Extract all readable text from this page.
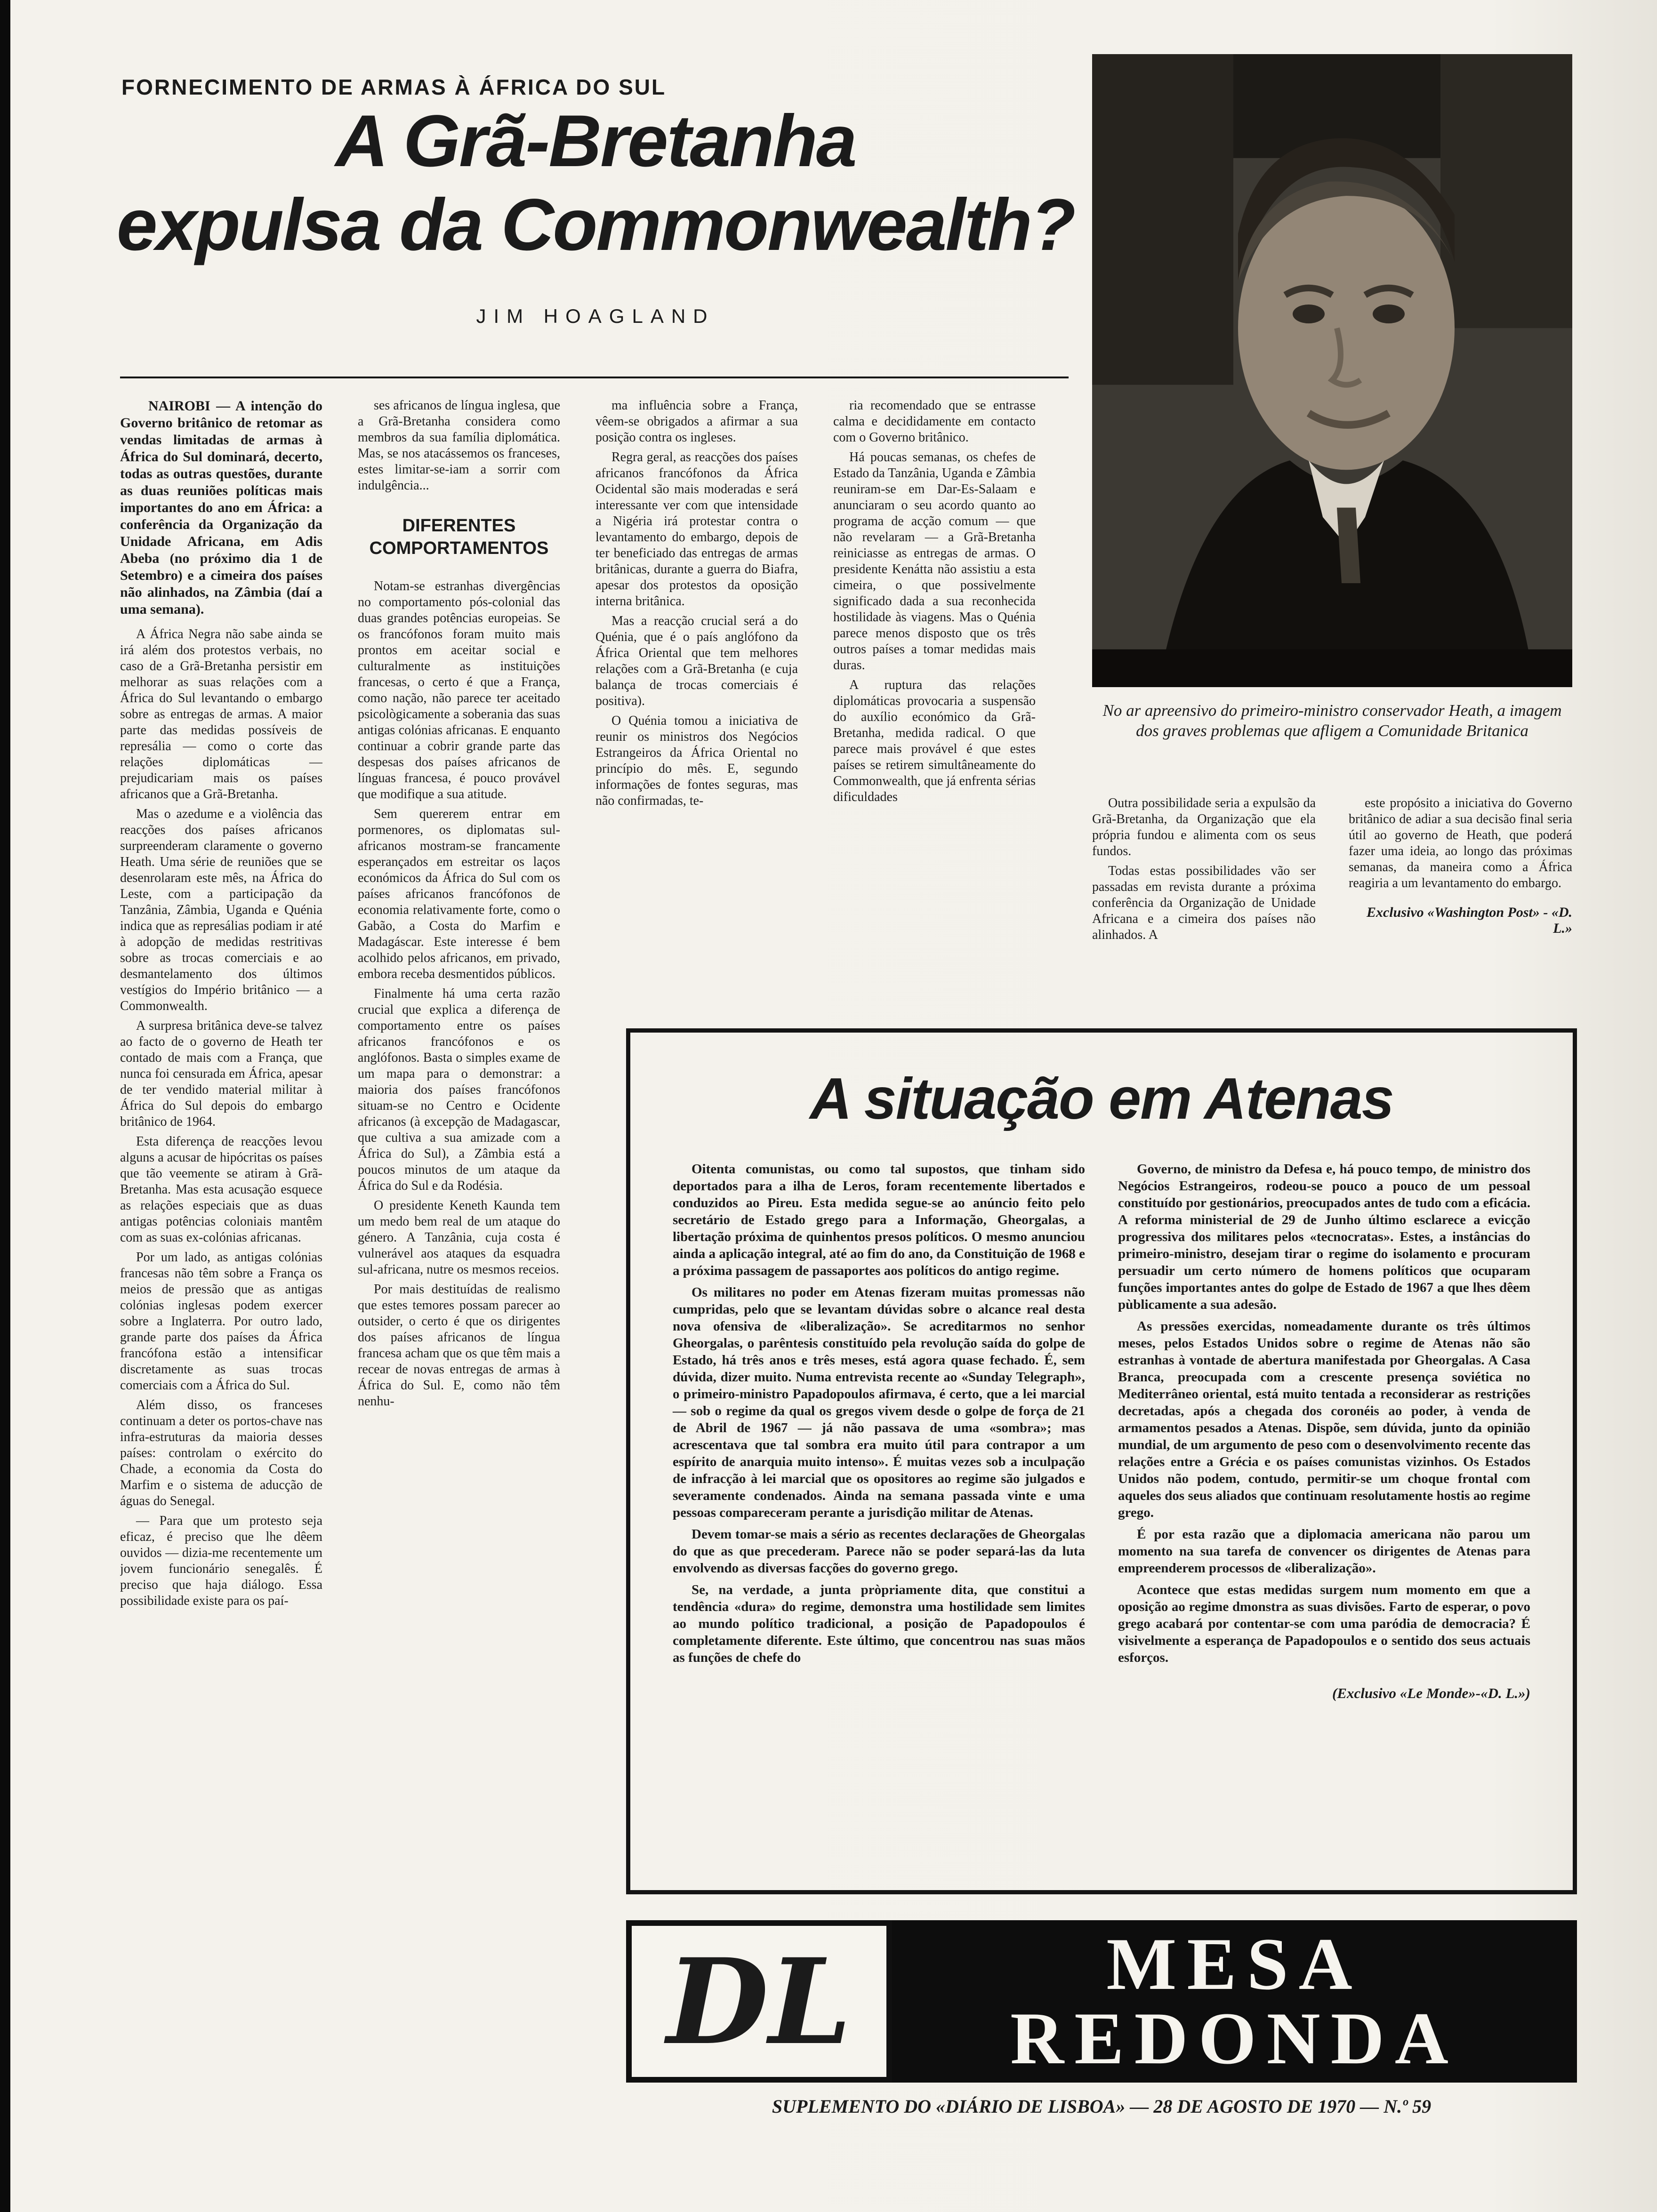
FORNECIMENTO DE ARMAS À ÁFRICA DO SUL
A Grã-Bretanha
expulsa da Commonwealth?
JIM HOAGLAND
No ar apreensivo do primeiro-ministro conservador Heath, a imagem dos graves problemas que afligem a Comunidade Britanica

NAIROBI — A intenção do Governo britânico de retomar as vendas limitadas de armas à África do Sul dominará, decerto, todas as outras questões, durante as duas reuniões políticas mais importantes do ano em África: a conferência da Organização da Unidade Africana, em Adis Abeba (no próximo dia 1 de Setembro) e a cimeira dos países não alinhados, na Zâmbia (daí a uma semana).

A África Negra não sabe ainda se irá além dos protestos verbais, no caso de a Grã-Bretanha persistir em melhorar as suas relações com a África do Sul levantando o embargo sobre as entregas de armas. A maior parte das medidas possíveis de represália — como o corte das relações diplomáticas — prejudicariam mais os países africanos que a Grã-Bretanha.

Mas o azedume e a violência das reacções dos países africanos surpreenderam claramente o governo Heath. Uma série de reuniões que se desenrolaram este mês, na África do Leste, com a participação da Tanzânia, Zâmbia, Uganda e Quénia indica que as represálias podiam ir até à adopção de medidas restritivas sobre as trocas comerciais e ao desmantelamento dos últimos vestígios do Império britânico — a Commonwealth.

A surpresa britânica deve-se talvez ao facto de o governo de Heath ter contado de mais com a França, que nunca foi censurada em África, apesar de ter vendido material militar à África do Sul depois do embargo britânico de 1964.

Esta diferença de reacções levou alguns a acusar de hipócritas os países que tão veemente se atiram à Grã-Bretanha. Mas esta acusação esquece as relações especiais que as duas antigas potências coloniais mantêm com as suas ex-colónias africanas.

Por um lado, as antigas colónias francesas não têm sobre a França os meios de pressão que as antigas colónias inglesas podem exercer sobre a Inglaterra. Por outro lado, grande parte dos países da África francófona estão a intensificar discretamente as suas trocas comerciais com a África do Sul.

Além disso, os franceses continuam a deter os portos-chave nas infra-estruturas da maioria desses países: controlam o exército do Chade, a economia da Costa do Marfim e o sistema de aducção de águas do Senegal.

— Para que um protesto seja eficaz, é preciso que lhe dêem ouvidos — dizia-me recentemente um jovem funcionário senegalês. É preciso que haja diálogo. Essa possibilidade existe para os paí-

ses africanos de língua inglesa, que a Grã-Bretanha considera como membros da sua família diplomática. Mas, se nos atacássemos os franceses, estes limitar-se-iam a sorrir com indulgência...

DIFERENTES COMPORTAMENTOS

Notam-se estranhas divergências no comportamento pós-colonial das duas grandes potências europeias. Se os francófonos foram muito mais prontos em aceitar social e culturalmente as instituições francesas, o certo é que a França, como nação, não parece ter aceitado psicològicamente a soberania das suas antigas colónias africanas. E enquanto continuar a cobrir grande parte das despesas dos países africanos de línguas francesa, é pouco provável que modifique a sua atitude.

Sem quererem entrar em pormenores, os diplomatas sul-africanos mostram-se francamente esperançados em estreitar os laços económicos da África do Sul com os países africanos francófonos de economia relativamente forte, como o Gabão, a Costa do Marfim e Madagáscar. Este interesse é bem acolhido pelos africanos, em privado, embora receba desmentidos públicos.

Finalmente há uma certa razão crucial que explica a diferença de comportamento entre os países africanos francófonos e os anglófonos. Basta o simples exame de um mapa para o demonstrar: a maioria dos países francófonos situam-se no Centro e Ocidente africanos (à excepção de Madagascar, que cultiva a sua amizade com a África do Sul), a Zâmbia está a poucos minutos de um ataque da África do Sul e da Rodésia.

O presidente Keneth Kaunda tem um medo bem real de um ataque do género. A Tanzânia, cuja costa é vulnerável aos ataques da esquadra sul-africana, nutre os mesmos receios.

Por mais destituídas de realismo que estes temores possam parecer ao outsider, o certo é que os dirigentes dos países africanos de língua francesa acham que os que têm mais a recear de novas entregas de armas à África do Sul. E, como não têm nenhu-

ma influência sobre a França, vêem-se obrigados a afirmar a sua posição contra os ingleses.

Regra geral, as reacções dos países africanos francófonos da África Ocidental são mais moderadas e será interessante ver com que intensidade a Nigéria irá protestar contra o levantamento do embargo, depois de ter beneficiado das entregas de armas britânicas, durante a guerra do Biafra, apesar dos protestos da oposição interna britânica.

Mas a reacção crucial será a do Quénia, que é o país anglófono da África Oriental que tem melhores relações com a Grã-Bretanha (e cuja balança de trocas comerciais é positiva).

O Quénia tomou a iniciativa de reunir os ministros dos Negócios Estrangeiros da África Oriental no princípio do mês. E, segundo informações de fontes seguras, mas não confirmadas, te-

ria recomendado que se entrasse calma e decididamente em contacto com o Governo britânico.

Há poucas semanas, os chefes de Estado da Tanzânia, Uganda e Zâmbia reuniram-se em Dar-Es-Salaam e anunciaram o seu acordo quanto ao programa de acção comum — que não revelaram — a Grã-Bretanha reiniciasse as entregas de armas. O presidente Kenátta não assistiu a esta cimeira, o que possivelmente significado dada a sua reconhecida hostilidade às viagens. Mas o Quénia parece menos disposto que os três outros países a tomar medidas mais duras.

A ruptura das relações diplomáticas provocaria a suspensão do auxílio económico da Grã-Bretanha, medida radical. O que parece mais provável é que estes países se retirem simultâneamente do Commonwealth, que já enfrenta sérias dificuldades	Outra possibilidade seria a expulsão da Grã-Bretanha, da Organização que ela própria fundou e alimenta com os seus fundos.

Todas estas possibilidades vão ser passadas em revista durante a próxima conferência da Organização de Unidade Africana e a cimeira dos países não alinhados. A

este propósito a iniciativa do Governo britânico de adiar a sua decisão final seria útil ao governo de Heath, que poderá fazer uma ideia, ao longo das próximas semanas, da maneira como a África reagiria a um levantamento do embargo.

Exclusivo «Washington Post» - «D. L.»
A situação em Atenas

Oitenta comunistas, ou como tal supostos, que tinham sido deportados para a ilha de Leros, foram recentemente libertados e conduzidos ao Pireu. Esta medida segue-se ao anúncio feito pelo secretário de Estado grego para a Informação, Gheorgalas, a libertação próxima de quinhentos presos políticos. O mesmo anunciou ainda a aplicação integral, até ao fim do ano, da Constituição de 1968 e a próxima passagem de passaportes aos políticos do antigo regime.

Os militares no poder em Atenas fizeram muitas promessas não cumpridas, pelo que se levantam dúvidas sobre o alcance real desta nova ofensiva de «liberalização». Se acreditarmos no senhor Gheorgalas, o parêntesis constituído pela revolução saída do golpe de Estado, há três anos e três meses, está agora quase fechado. É, sem dúvida, dizer muito. Numa entrevista recente ao «Sunday Telegraph», o primeiro-ministro Papadopoulos afirmava, é certo, que a lei marcial — sob o regime da qual os gregos vivem desde o golpe de força de 21 de Abril de 1967 — já não passava de uma «sombra»; mas acrescentava que tal sombra era muito útil para contrapor a um espírito de anarquia muito intenso». É muitas vezes sob a inculpação de infracção à lei marcial que os opositores ao regime são julgados e severamente condenados. Ainda na semana passada vinte e uma pessoas compareceram perante a jurisdição militar de Atenas.

Devem tomar-se mais a sério as recentes declarações de Gheorgalas do que as que precederam. Parece não se poder separá-las da luta envolvendo as diversas facções do governo grego.

Se, na verdade, a junta pròpriamente dita, que constitui a tendência «dura» do regime, demonstra uma hostilidade sem limites ao mundo político tradicional, a posição de Papadopoulos é completamente diferente. Este último, que concentrou nas suas mãos as funções de chefe do

Governo, de ministro da Defesa e, há pouco tempo, de ministro dos Negócios Estrangeiros, rodeou-se pouco a pouco de um pessoal constituído por gestionários, preocupados antes de tudo com a eficácia. A reforma ministerial de 29 de Junho último esclarece a evicção progressiva dos militares pelos «tecnocratas». Estes, a instâncias do primeiro-ministro, desejam tirar o regime do isolamento e procuram persuadir um certo número de homens políticos que ocuparam funções importantes antes do golpe de Estado de 1967 a que lhes dêem pùblicamente a sua adesão.

As pressões exercidas, nomeadamente durante os três últimos meses, pelos Estados Unidos sobre o regime de Atenas não são estranhas à vontade de abertura manifestada por Gheorgalas. A Casa Branca, preocupada com a crescente presença soviética no Mediterrâneo oriental, está muito tentada a reconsiderar as restrições decretadas, após a chegada dos coronéis ao poder, à venda de armamentos pesados a Atenas. Dispõe, sem dúvida, junto da opinião mundial, de um argumento de peso com o desenvolvimento recente das relações entre a Grécia e os países comunistas vizinhos. Os Estados Unidos não podem, contudo, permitir-se um choque frontal com aqueles dos seus aliados que continuam resolutamente hostis ao regime grego.

É por esta razão que a diplomacia americana não parou um momento na sua tarefa de convencer os dirigentes de Atenas para empreenderem processos de «liberalização».

Acontece que estas medidas surgem num momento em que a oposição ao regime dmonstra as suas divisões. Farto de esperar, o povo grego acabará por contentar-se com uma paródia de democracia? É visivelmente a esperança de Papadopoulos e o sentido dos seus actuais esforços.

(Exclusivo «Le Monde»-«D. L.»)
DL	MESA
REDONDA
SUPLEMENTO DO «DIÁRIO DE LISBOA» — 28 DE AGOSTO DE 1970 — N.º 59
